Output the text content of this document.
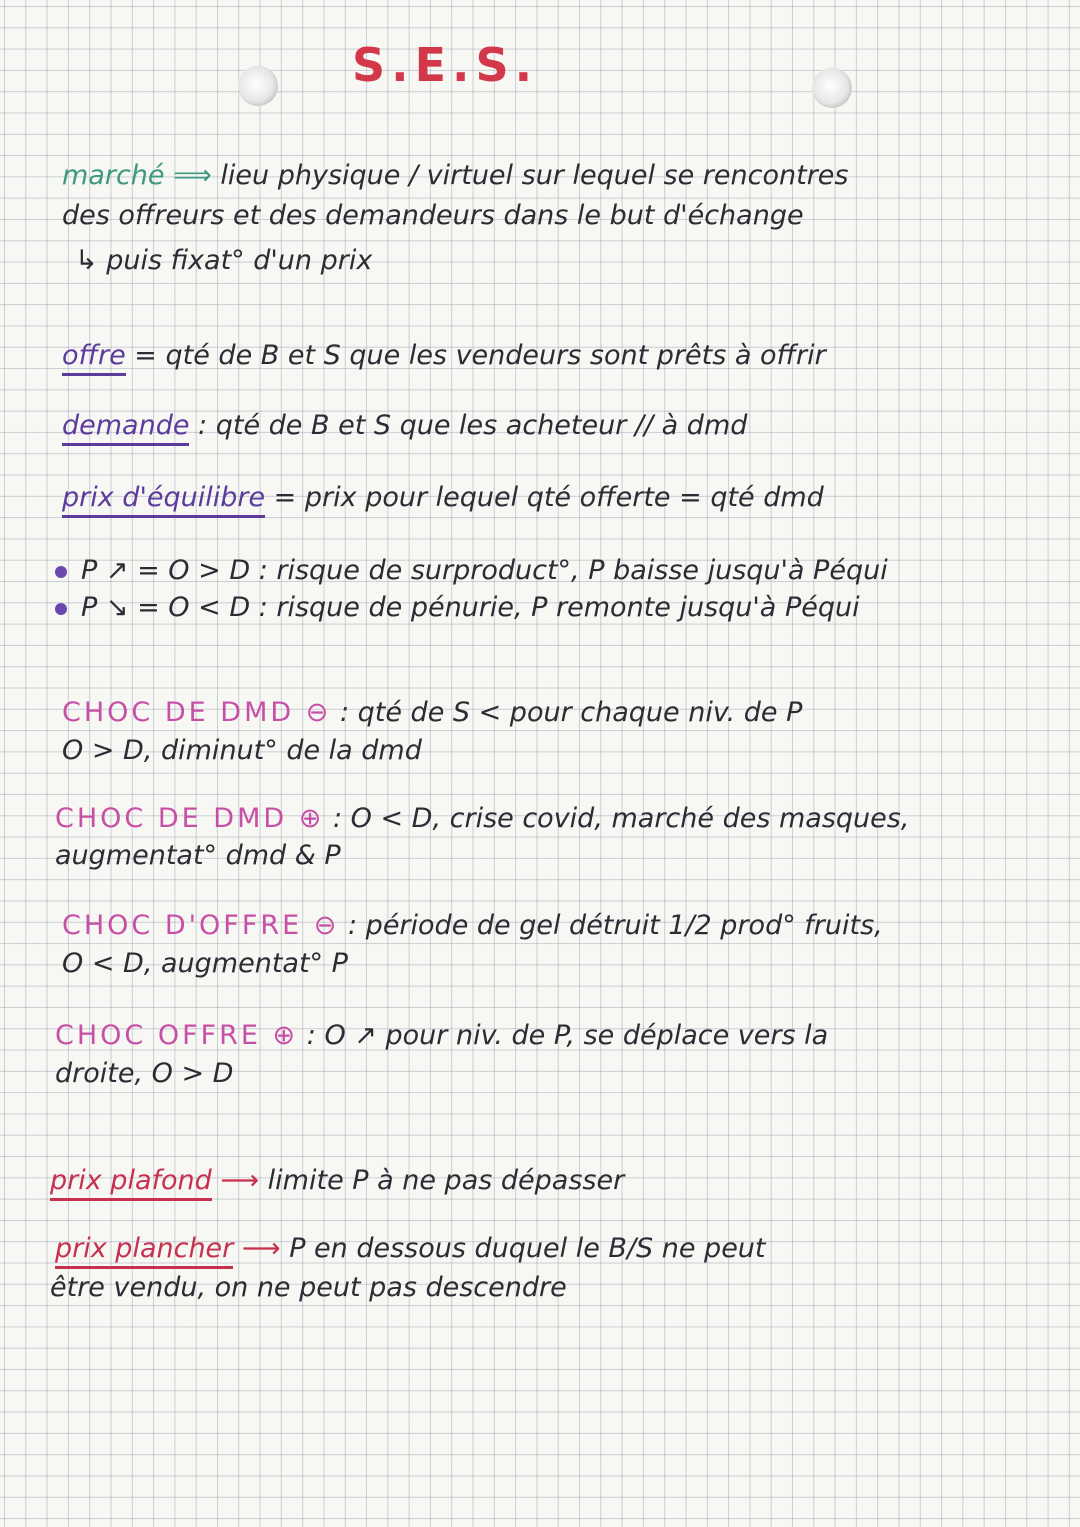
S.E.S.
marché ⟹ lieu physique / virtuel sur lequel se rencontres
des offreurs et des demandeurs dans le but d'échange
↳ puis fixat° d'un prix
offre = qté de B et S que les vendeurs sont prêts à offrir
demande : qté de B et S que les acheteur // à dmd
prix d'équilibre = prix pour lequel qté offerte = qté dmd
P ↗ = O > D : risque de surproduct°, P baisse jusqu'à Péqui
P ↘ = O < D : risque de pénurie, P remonte jusqu'à Péqui
CHOC DE DMD ⊖ : qté de S < pour chaque niv. de P
O > D, diminut° de la dmd
CHOC DE DMD ⊕ : O < D, crise covid, marché des masques,
augmentat° dmd & P
CHOC D'OFFRE ⊖ : période de gel détruit 1/2 prod° fruits,
O < D, augmentat° P
CHOC OFFRE ⊕ : O ↗ pour niv. de P, se déplace vers la
droite, O > D
prix plafond ⟶ limite P à ne pas dépasser
prix plancher ⟶ P en dessous duquel le B/S ne peut
être vendu, on ne peut pas descendre
